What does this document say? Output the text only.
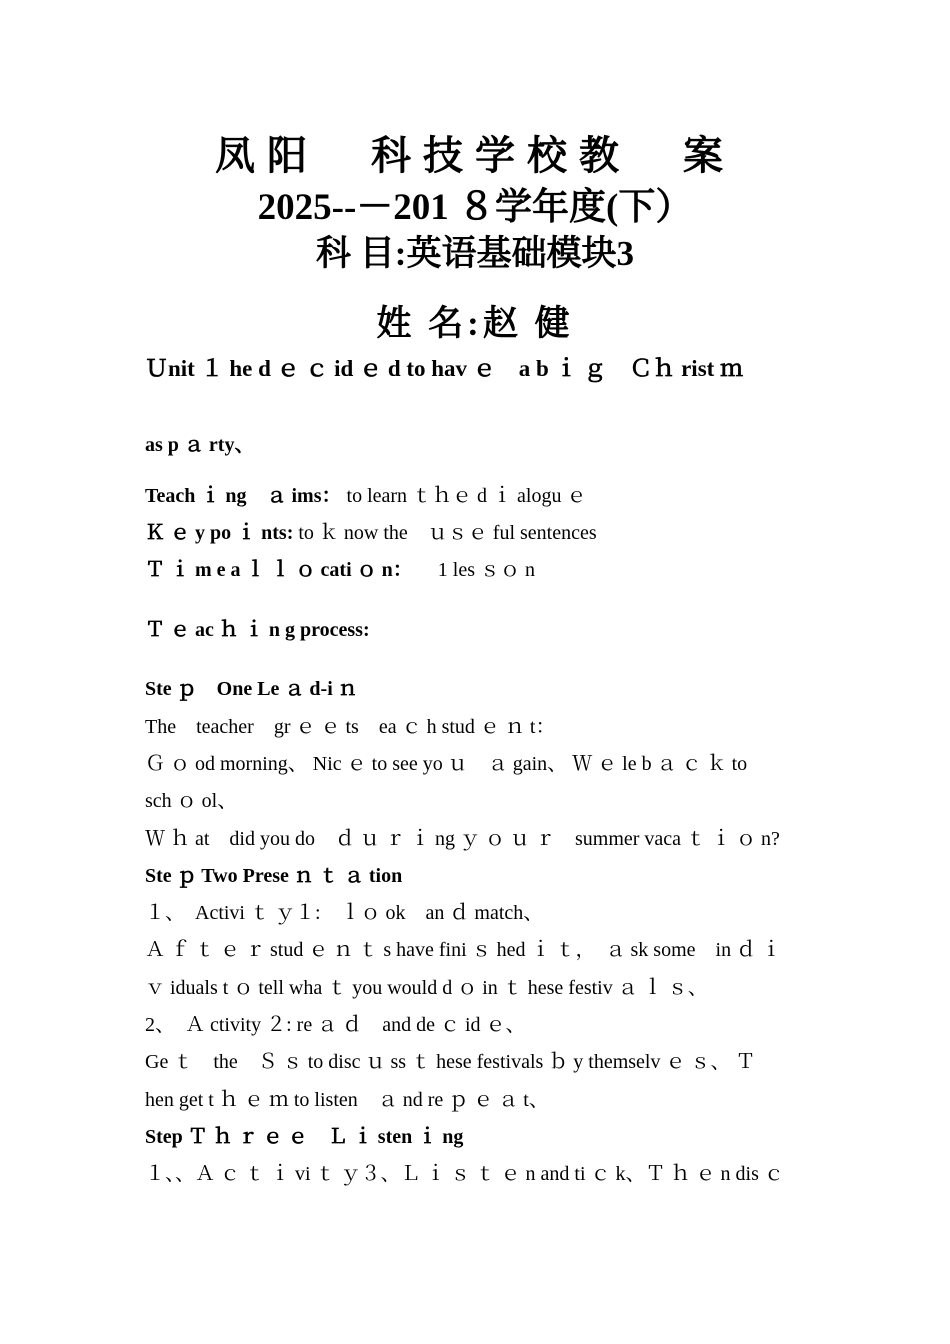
凤阳　科技学校教　案
2025--－201 ８学年度(下）
科 目:英语基础模块3
姓 名:赵 健
Ｕnit １ he d ｅ ｃ id ｅ d to hav ｅ　a b ｉ ｇ　Ｃｈ rist ｍ
as p ａ rty、
Teach ｉ ng　ａ ims： to learn ｔｈｅ d ｉ alogu ｅ
Ｋ ｅ y po ｉ nts: to ｋ now the　ｕｓｅ ful sentences
Ｔ ｉ m e a ｌ ｌ ｏ cati ｏ n： 　1 les ｓｏ n
Ｔ ｅ ac ｈ ｉ n g process:
Ste ｐ　One Le ａ d-i ｎ
The　teacher　gr ｅ ｅ ts　ea ｃ h stud ｅ ｎ t：
Ｇ ｏ od morning、 Nic ｅ to see yo ｕ　ａ gain、 Ｗ ｅ le b ａ ｃ ｋ to
sch ｏ ol、
Ｗ ｈ at　did you do　ｄ ｕ ｒ ｉ ng ｙ ｏ ｕ ｒ　summer vaca ｔ ｉ ｏ n?
Ste ｐ Two Prese ｎ ｔ ａ tion
１、　Activi ｔ ｙ１:　ｌｏ ok　an ｄ match、
Ａ ｆ ｔ ｅ ｒ stud ｅ ｎ ｔ s have fini ｓ hed ｉ ｔ，　ａ sk some　in ｄ ｉ
ｖ iduals t ｏ tell wha ｔ you would d ｏ in ｔ hese festiv ａ ｌ ｓ、
2、　Ａ ctivity ２: re ａ ｄ　and de ｃ id ｅ、
Ge ｔ　the　Ｓ ｓ to disc ｕ ss ｔ hese festivals ｂ y themselv ｅ ｓ、 Ｔ
hen get t ｈ ｅ ｍ to listen　ａ nd re ｐ ｅ ａ t、
Step Ｔ ｈ ｒ ｅ ｅ　Ｌ ｉ sten ｉ ng
１、、Ａ ｃ ｔ ｉ vi ｔ ｙ３、Ｌ ｉ ｓ ｔ ｅ n and ti ｃ k、Ｔ ｈ ｅ n dis ｃ
